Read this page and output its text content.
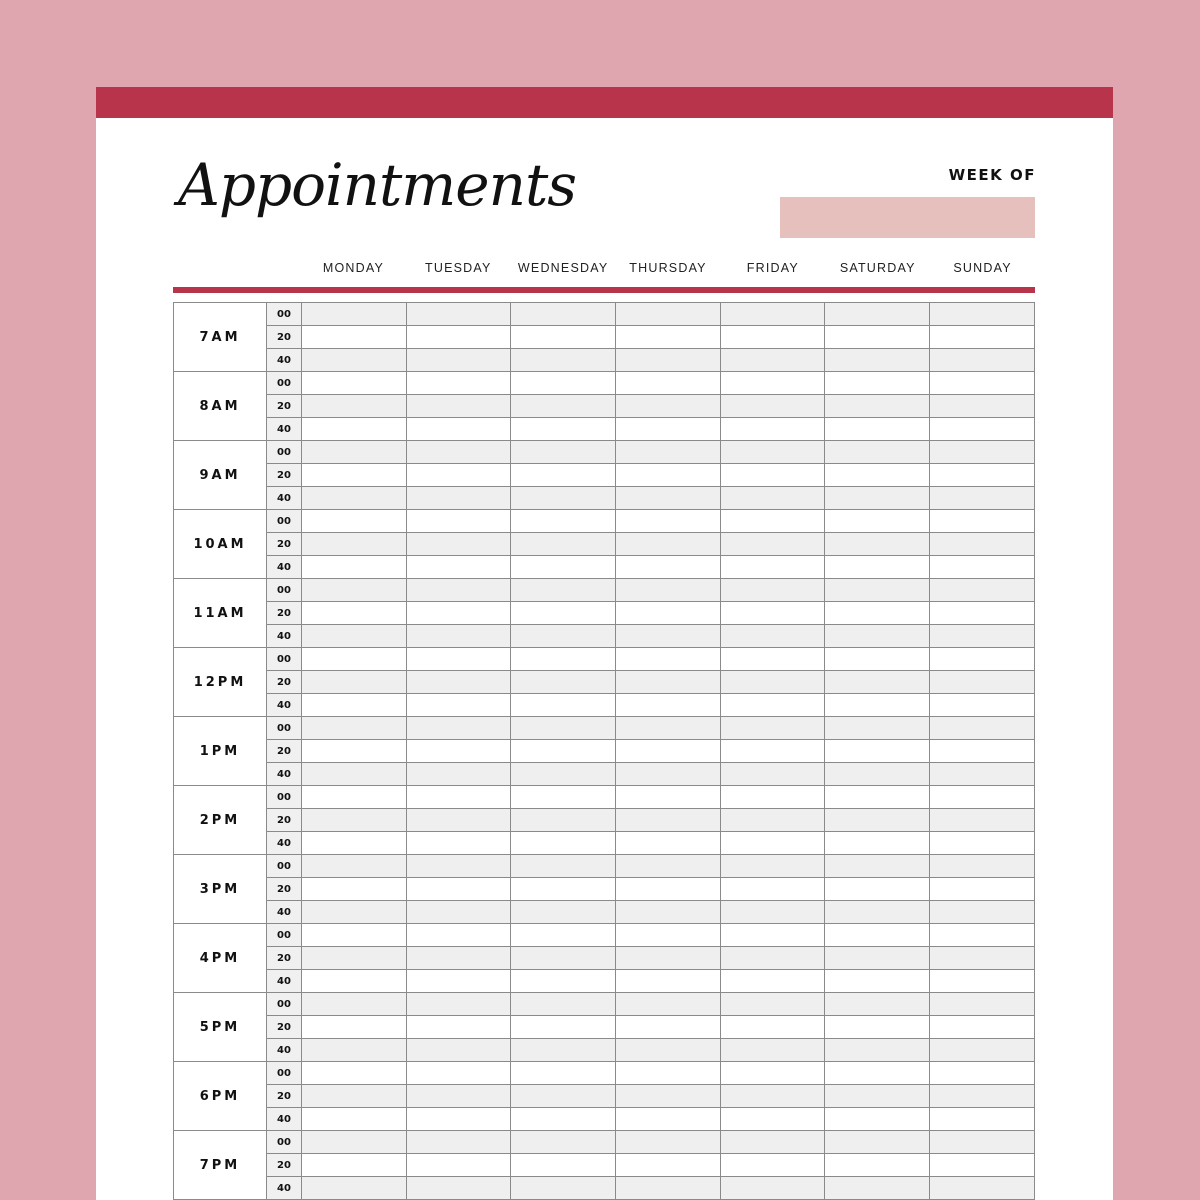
Appointments	WEEK OF
MONDAY	TUESDAY	WEDNESDAY	THURSDAY	FRIDAY	SATURDAY	SUNDAY
7AM	00							
	20							
	40							
8AM	00							
	20							
	40							
9AM	00							
	20							
	40							
10AM	00							
	20							
	40							
11AM	00							
	20							
	40							
12PM	00							
	20							
	40							
1PM	00							
	20							
	40							
2PM	00							
	20							
	40							
3PM	00							
	20							
	40							
4PM	00							
	20							
	40							
5PM	00							
	20							
	40							
6PM	00							
	20							
	40							
7PM	00							
	20							
	40							
